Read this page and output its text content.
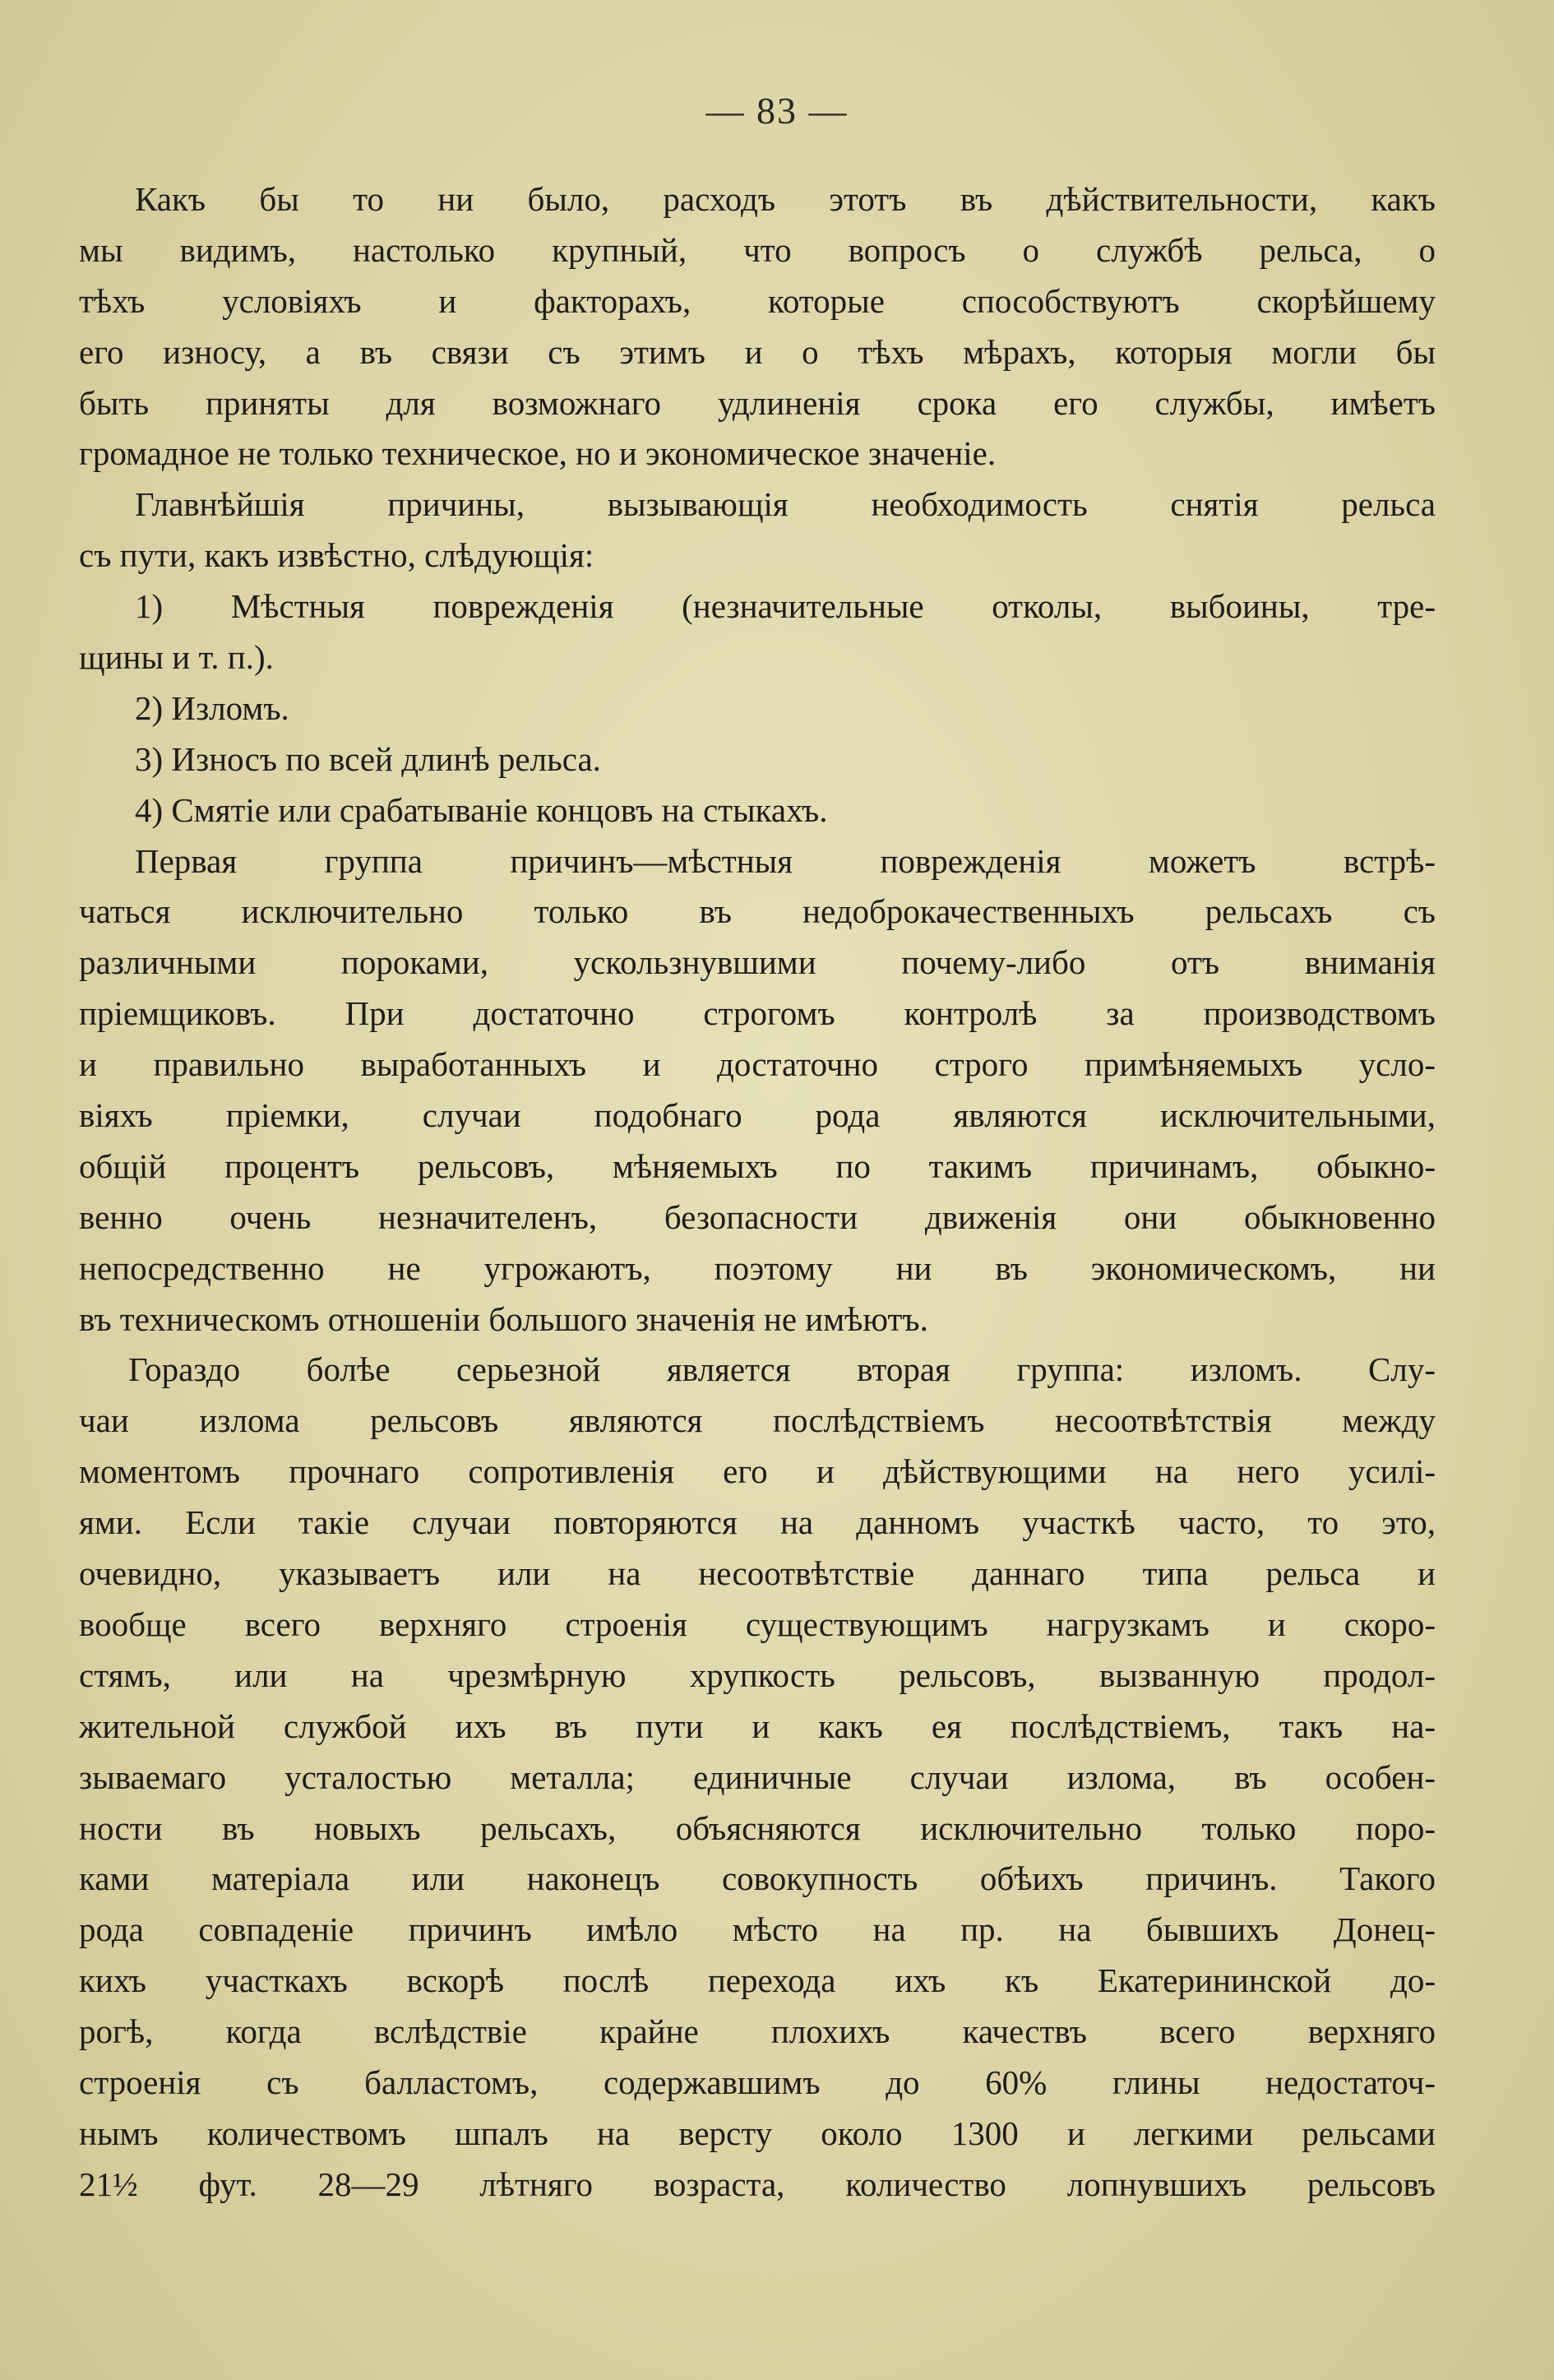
— 83 —
Какъ бы то ни было, расходъ этотъ въ дѣйствительности, какъ
мы видимъ, настолько крупный, что вопросъ о службѣ рельса, о
тѣхъ условіяхъ и факторахъ, которые способствуютъ скорѣйшему
его износу, а въ связи съ этимъ и о тѣхъ мѣрахъ, которыя могли бы
быть приняты для возможнаго удлиненія срока его службы, имѣетъ
громадное не только техническое, но и экономическое значеніе.
Главнѣйшія причины, вызывающія необходимость снятія рельса
съ пути, какъ извѣстно, слѣдующія:
1) Мѣстныя поврежденія (незначительные отколы, выбоины, тре-
щины и т. п.).
2) Изломъ.
3) Износъ по всей длинѣ рельса.
4) Смятіе или срабатываніе концовъ на стыкахъ.
Первая группа причинъ—мѣстныя поврежденія можетъ встрѣ-
чаться исключительно только въ недоброкачественныхъ рельсахъ съ
различными пороками, ускользнувшими почему-либо отъ вниманія
пріемщиковъ. При достаточно строгомъ контролѣ за производствомъ
и правильно выработанныхъ и достаточно строго примѣняемыхъ усло-
віяхъ пріемки, случаи подобнаго рода являются исключительными,
общій процентъ рельсовъ, мѣняемыхъ по такимъ причинамъ, обыкно-
венно очень незначителенъ, безопасности движенія они обыкновенно
непосредственно не угрожаютъ, поэтому ни въ экономическомъ, ни
въ техническомъ отношеніи большого значенія не имѣютъ.
Гораздо болѣе серьезной является вторая группа: изломъ. Слу-
чаи излома рельсовъ являются послѣдствіемъ несоотвѣтствія между
моментомъ прочнаго сопротивленія его и дѣйствующими на него усилі-
ями. Если такіе случаи повторяются на данномъ участкѣ часто, то это,
очевидно, указываетъ или на несоотвѣтствіе даннаго типа рельса и
вообще всего верхняго строенія существующимъ нагрузкамъ и скоро-
стямъ, или на чрезмѣрную хрупкость рельсовъ, вызванную продол-
жительной службой ихъ въ пути и какъ ея послѣдствіемъ, такъ на-
зываемаго усталостью металла; единичные случаи излома, въ особен-
ности въ новыхъ рельсахъ, объясняются исключительно только поро-
ками матеріала или наконецъ совокупность обѣихъ причинъ. Такого
рода совпаденіе причинъ имѣло мѣсто на пр. на бывшихъ Донец-
кихъ участкахъ вскорѣ послѣ перехода ихъ къ Екатерининской до-
рогѣ, когда вслѣдствіе крайне плохихъ качествъ всего верхняго
строенія съ балластомъ, содержавшимъ до 60% глины недостаточ-
нымъ количествомъ шпалъ на версту около 1300 и легкими рельсами
21½ фут. 28—29 лѣтняго возраста, количество лопнувшихъ рельсовъ
